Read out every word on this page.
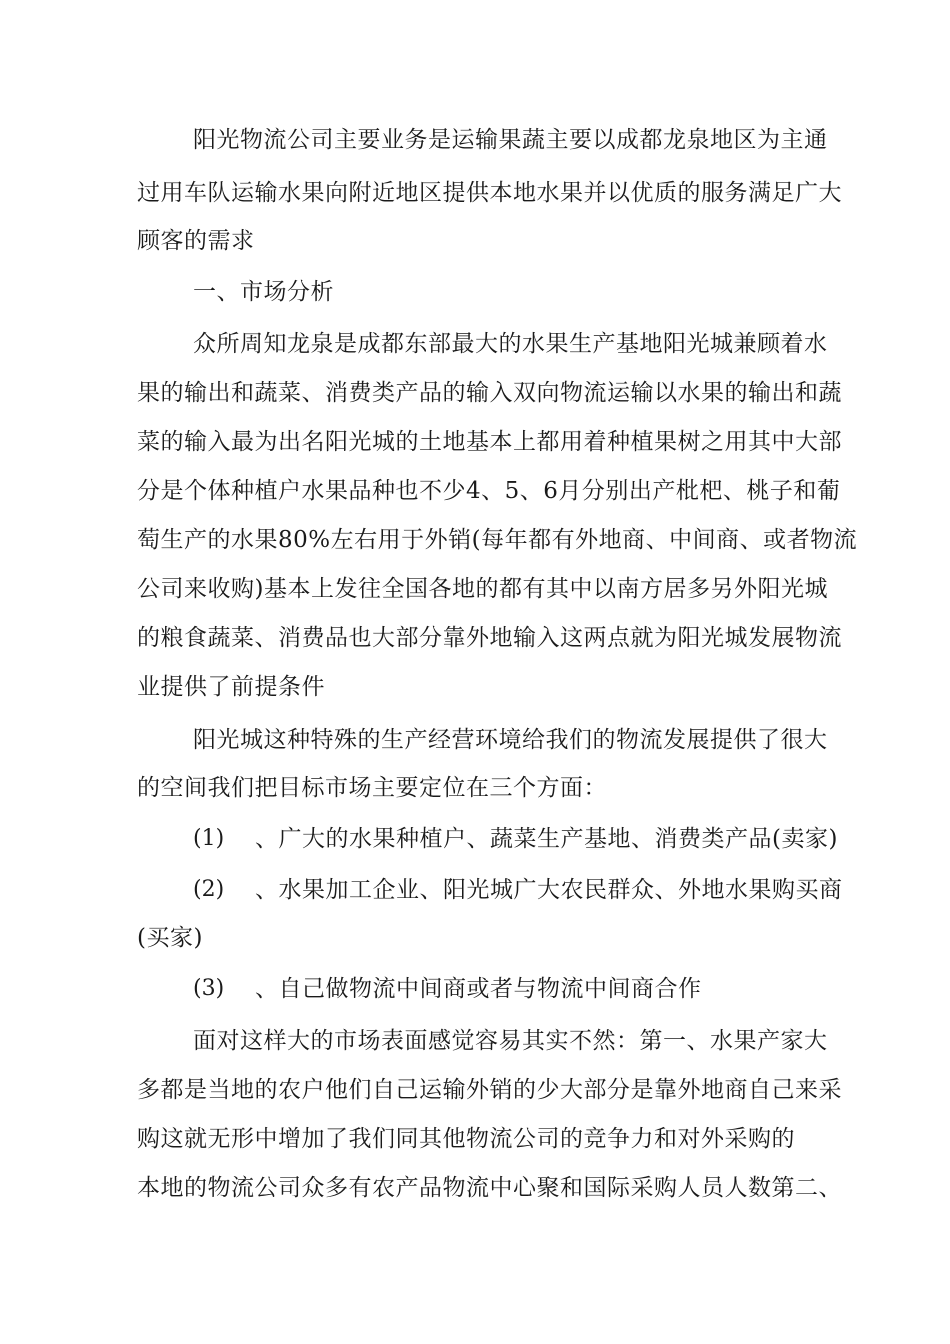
阳光物流公司主要业务是运输果蔬主要以成都龙泉地区为主通
过用车队运输水果向附近地区提供本地水果并以优质的服务满足广大
顾客的需求
一、市场分析
众所周知龙泉是成都东部最大的水果生产基地阳光城兼顾着水
果的输出和蔬菜、消费类产品的输入双向物流运输以水果的输出和蔬
菜的输入最为出名阳光城的土地基本上都用着种植果树之用其中大部
分是个体种植户水果品种也不少4、5、6月分别出产枇杷、桃子和葡
萄生产的水果80%左右用于外销(每年都有外地商、中间商、或者物流
公司来收购)基本上发往全国各地的都有其中以南方居多另外阳光城
的粮食蔬菜、消费品也大部分靠外地输入这两点就为阳光城发展物流
业提供了前提条件
阳光城这种特殊的生产经营环境给我们的物流发展提供了很大
的空间我们把目标市场主要定位在三个方面：
(1) 、广大的水果种植户、蔬菜生产基地、消费类产品(卖家)
(2) 、水果加工企业、阳光城广大农民群众、外地水果购买商
(买家)
(3) 、自己做物流中间商或者与物流中间商合作
面对这样大的市场表面感觉容易其实不然：第一、水果产家大
多都是当地的农户他们自己运输外销的少大部分是靠外地商自己来采
购这就无形中增加了我们同其他物流公司的竞争力和对外采购的
本地的物流公司众多有农产品物流中心聚和国际采购人员人数第二、
